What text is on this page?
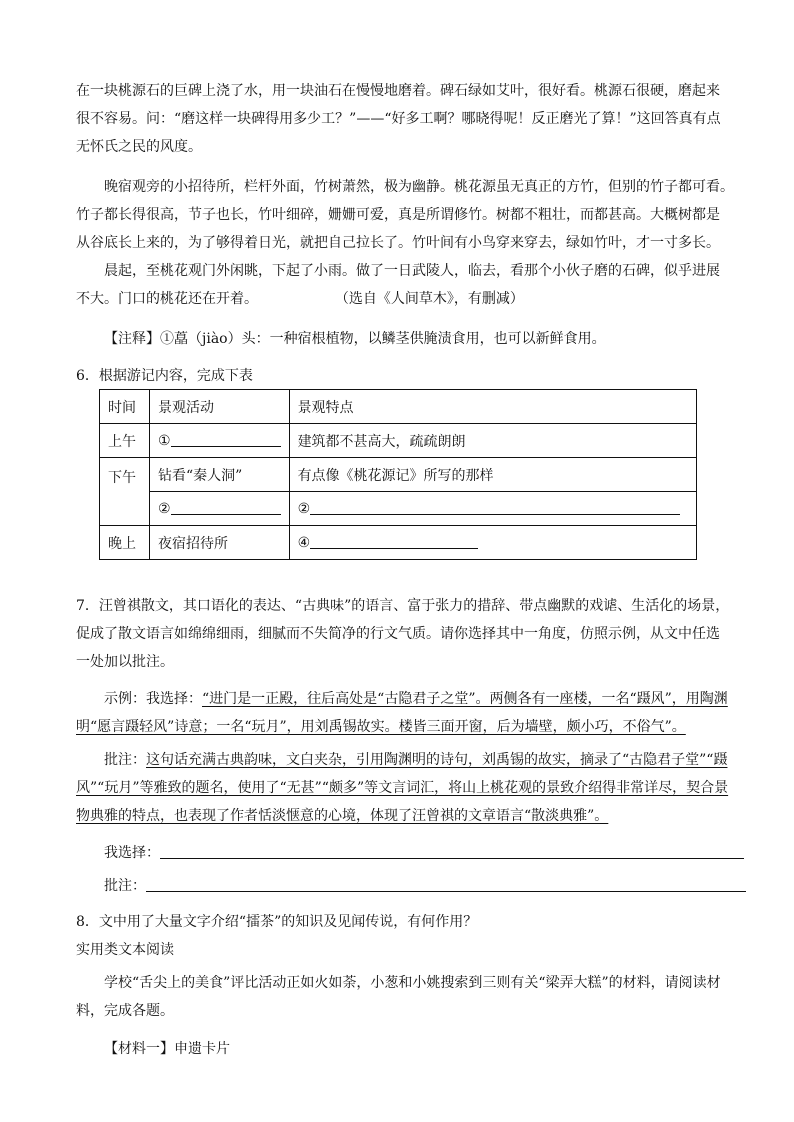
在一块桃源石的巨碑上浇了水，用一块油石在慢慢地磨着。碑石绿如艾叶，很好看。桃源石很硬，磨起来
很不容易。问：“磨这样一块碑得用多少工？”——“好多工啊？哪晓得呢！反正磨光了算！”这回答真有点
无怀氏之民的风度。
晚宿观旁的小招待所，栏杆外面，竹树萧然，极为幽静。桃花源虽无真正的方竹，但别的竹子都可看。
竹子都长得很高，节子也长，竹叶细碎，姗姗可爱，真是所谓修竹。树都不粗壮，而都甚高。大概树都是
从谷底长上来的，为了够得着日光，就把自己拉长了。竹叶间有小鸟穿来穿去，绿如竹叶，才一寸多长。
晨起，至桃花观门外闲眺，下起了小雨。做了一日武陵人，临去，看那个小伙子磨的石碑，似乎进展
不大。门口的桃花还在开着。	（选自《人间草木》，有删减）
【注释】①藠（jiào）头：一种宿根植物，以鳞茎供腌渍食用，也可以新鲜食用。
6．根据游记内容，完成下表
时间	景观活动	景观特点
上午	①	建筑都不甚高大，疏疏朗朗
下午	钻看“秦人洞”	有点像《桃花源记》所写的那样
	②	②
晚上	夜宿招待所	④
7．汪曾祺散文，其口语化的表达、“古典味”的语言、富于张力的措辞、带点幽默的戏谑、生活化的场景，
促成了散文语言如绵绵细雨，细腻而不失简净的行文气质。请你选择其中一角度，仿照示例，从文中任选
一处加以批注。
示例：我选择：“进门是一正殿，往后高处是“古隐君子之堂”。两侧各有一座楼，一名“蹑风”，用陶渊
明“愿言蹑轻风”诗意；一名“玩月”，用刘禹锡故实。楼皆三面开窗，后为墙壁，颇小巧，不俗气”。
批注：这句话充满古典韵味，文白夹杂，引用陶渊明的诗句，刘禹锡的故实，摘录了“古隐君子堂”“蹑
风”“玩月”等雅致的题名，使用了“无甚”“颇多”等文言词汇，将山上桃花观的景致介绍得非常详尽，契合景
物典雅的特点，也表现了作者恬淡惬意的心境，体现了汪曾祺的文章语言“散淡典雅”。
我选择：
批注：
8．文中用了大量文字介绍“擂茶”的知识及见闻传说，有何作用？
实用类文本阅读
学校“舌尖上的美食”评比活动正如火如荼，小葱和小姚搜索到三则有关“梁弄大糕”的材料，请阅读材
料，完成各题。
【材料一】申遗卡片
